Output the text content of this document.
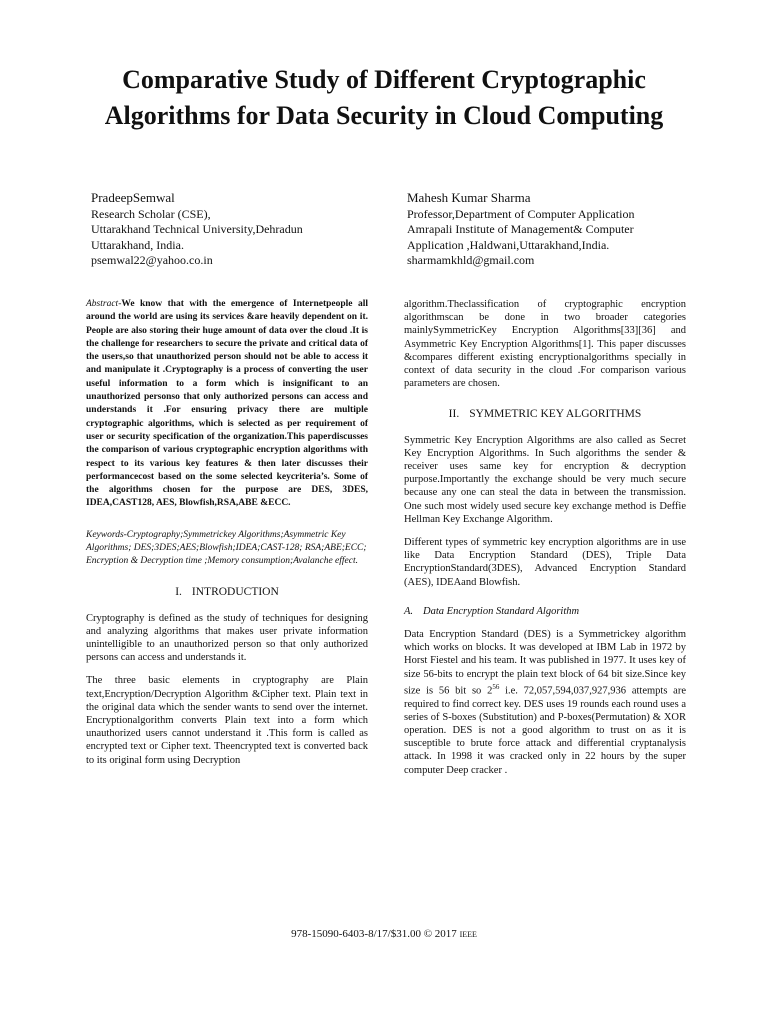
Comparative Study of Different Cryptographic Algorithms for Data Security in Cloud Computing
PradeepSemwal
Research Scholar (CSE),
Uttarakhand Technical University,Dehradun
Uttarakhand, India.
psemwal22@yahoo.co.in
Mahesh Kumar Sharma
Professor,Department of Computer Application
Amrapali Institute of Management& Computer
Application ,Haldwani,Uttarakhand,India.
sharmamkhld@gmail.com

Abstract-We know that with the emergence of Internetpeople all around the world are using its services &are heavily dependent on it. People are also storing their huge amount of data over the cloud .It is the challenge for researchers to secure the private and critical data of the users,so that unauthorized person should not be able to access it and manipulate it .Cryptography is a process of converting the user useful information to a form which is insignificant to an unauthorized personso that only authorized persons can access and understands it .For ensuring privacy there are multiple cryptographic algorithms, which is selected as per requirement of user or security specification of the organization.This paperdiscusses the comparison of various cryptographic encryption algorithms with respect to its various key features & then later discusses their performancecost based on the some selected keycriteria’s. Some of the algorithms chosen for the purpose are DES, 3DES, IDEA,CAST128, AES, Blowfish,RSA,ABE &ECC.

Keywords-Cryptography;Symmetrickey Algorithms;Asymmetric Key Algorithms; DES;3DES;AES;Blowfish;IDEA;CAST-128; RSA;ABE;ECC; Encryption & Decryption time ;Memory consumption;Avalanche effect.

I. INTRODUCTION

Cryptography is defined as the study of techniques for designing and analyzing algorithms that makes user private information unintelligible to an unauthorized person so that only authorized persons can access and understands it.

The three basic elements in cryptography are Plain text,Encryption/Decryption Algorithm &Cipher text. Plain text in the original data which the sender wants to send over the internet. Encryptionalgorithm converts Plain text into a form which unauthorized users cannot understand it .This form is called as encrypted text or Cipher text. Theencrypted text is converted back to its original form using Decryption

algorithm.Theclassification of cryptographic encryption algorithmscan be done in two broader categories mainlySymmetricKey Encryption Algorithms[33][36] and Asymmetric Key Encryption Algorithms[1]. This paper discusses &compares different existing encryptionalgorithms specially in context of data security in the cloud .For comparison various parameters are chosen.

II. SYMMETRIC KEY ALGORITHMS

Symmetric Key Encryption Algorithms are also called as Secret Key Encryption Algorithms. In Such algorithms the sender & receiver uses same key for encryption & decryption purpose.Importantly the exchange should be very much secure because any one can steal the data in between the transmission. One such most widely used secure key exchange method is Deffie Hellman Key Exchange Algorithm.

Different types of symmetric key encryption algorithms are in use like Data Encryption Standard (DES), Triple Data EncryptionStandard(3DES), Advanced Encryption Standard (AES), IDEAand Blowfish.

A. Data Encryption Standard Algorithm

Data Encryption Standard (DES) is a Symmetrickey algorithm which works on blocks. It was developed at IBM Lab in 1972 by Horst Fiestel and his team. It was published in 1977. It uses key of size 56-bits to encrypt the plain text block of 64 bit size.Since key size is 56 bit so $2^{56}$ i.e. 72,057,594,037,927,936 attempts are required to find correct key. DES uses 19 rounds each round uses a series of S-boxes (Substitution) and P-boxes(Permutation) & XOR operation. DES is not a good algorithm to trust on as it is susceptible to brute force attack and differential cryptanalysis attack. In 1998 it was cracked only in 22 hours by the super computer Deep cracker .

978-15090-6403-8/17/$31.00 © 2017 IEEE
